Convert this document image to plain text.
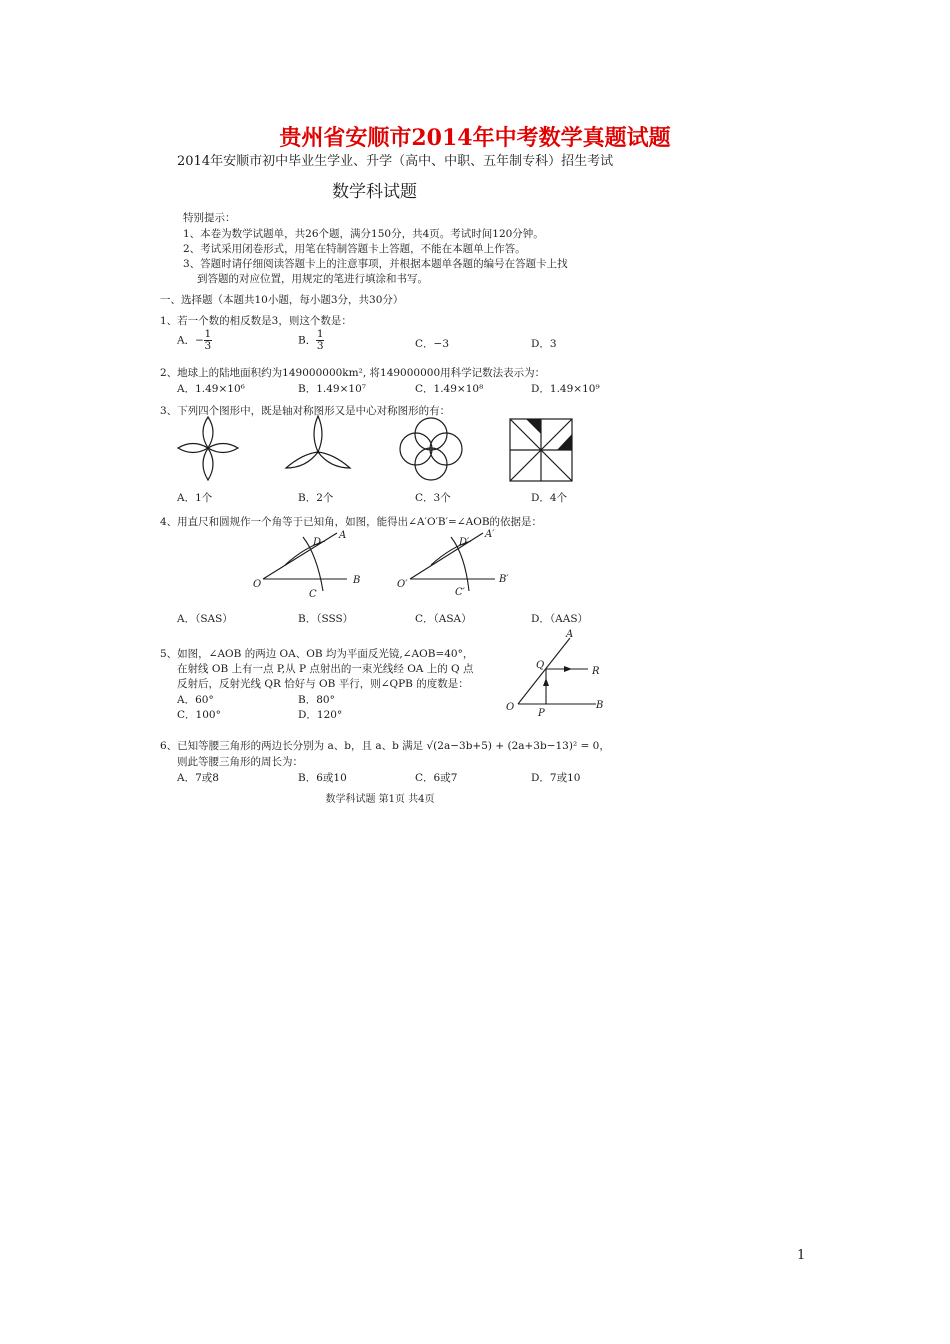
贵州省安顺市2014年中考数学真题试题
2014年安顺市初中毕业生学业、升学（高中、中职、五年制专科）招生考试
数学科试题
特别提示：
1、本卷为数学试题单，共26个题，满分150分，共4页。考试时间120分钟。
2、考试采用闭卷形式，用笔在特制答题卡上答题，不能在本题单上作答。
3、答题时请仔细阅读答题卡上的注意事项，并根据本题单各题的编号在答题卡上找
到答题的对应位置，用规定的笔进行填涂和书写。
一、选择题（本题共10小题，每小题3分，共30分）
1、若一个数的相反数是3，则这个数是：
A．− $\frac{1}{3}$	B． $\frac{1}{3}$	C．−3	D．3
2、地球上的陆地面积约为149000000km², 将149000000用科学记数法表示为：
A．1.49×10⁶	B．1.49×10⁷	C．1.49×10⁸	D．1.49×10⁹
3、下列四个图形中，既是轴对称图形又是中心对称图形的有：
A．1个	B．2个	C．3个	D．4个
4、用直尺和圆规作一个角等于已知角，如图，能得出∠A′O′B′=∠AOB的依据是：
D
A
O	B
C
D′
A′
O′	B′
C′
A．（SAS）	B．（SSS）	C．（ASA）	D．（AAS）
5、如图，∠AOB 的两边 OA、OB 均为平面反光镜,∠AOB=40°，
在射线 OB 上有一点 P,从 P 点射出的一束光线经 OA 上的 Q 点
反射后，反射光线 QR 恰好与 OB 平行，则∠QPB 的度数是：
A．60°	B．80°
C．100°	D．120°
A
Q
R
O
P
B
6、已知等腰三角形的两边长分别为 a、b，且 a、b 满足 √(2a−3b+5) + (2a+3b−13)² = 0，
则此等腰三角形的周长为：
A．7或8	B．6或10	C．6或7	D．7或10
数学科试题 第1页 共4页
1
